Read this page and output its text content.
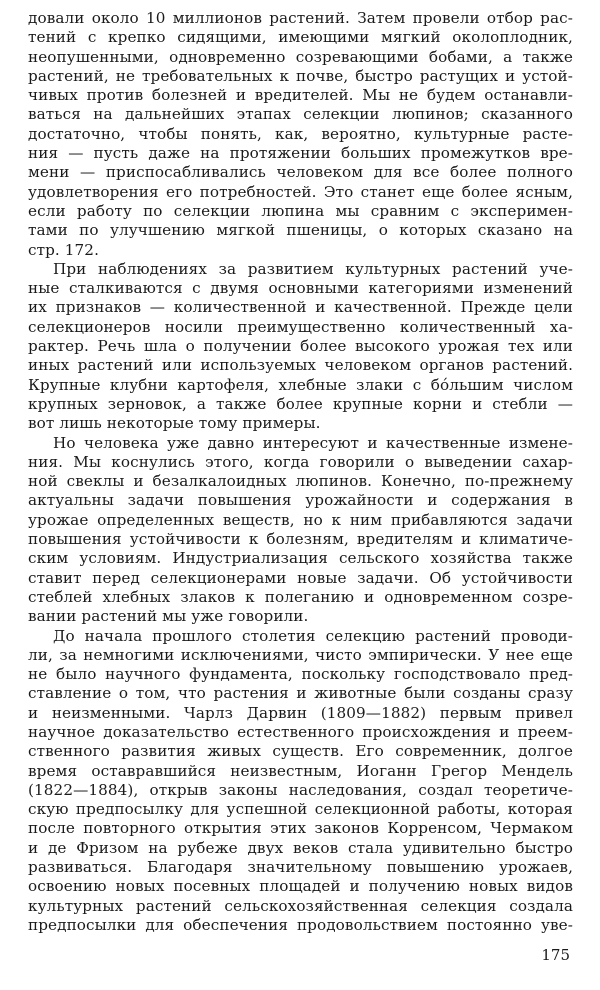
довали около 10 миллионов растений. Затем провели отбор рас-
тений с крепко сидящими, имеющими мягкий околоплодник,
неопушенными, одновременно созревающими бобами, а также
растений, не требовательных к почве, быстро растущих и устой-
чивых против болезней и вредителей. Мы не будем останавли-
ваться на дальнейших этапах селекции люпинов; сказанного
достаточно, чтобы понять, как, вероятно, культурные расте-
ния — пусть даже на протяжении больших промежутков вре-
мени — приспосабливались человеком для все более полного
удовлетворения его потребностей. Это станет еще более ясным,
если работу по селекции люпина мы сравним с эксперимен-
тами по улучшению мягкой пшеницы, о которых сказано на
стр. 172.
При наблюдениях за развитием культурных растений уче-
ные сталкиваются с двумя основными категориями изменений
их признаков — количественной и качественной. Прежде цели
селекционеров носили преимущественно количественный ха-
рактер. Речь шла о получении более высокого урожая тех или
иных растений или используемых человеком органов растений.
Крупные клубни картофеля, хлебные злаки с бóльшим числом
крупных зерновок, а также более крупные корни и стебли —
вот лишь некоторые тому примеры.
Но человека уже давно интересуют и качественные измене-
ния. Мы коснулись этого, когда говорили о выведении сахар-
ной свеклы и безалкалоидных люпинов. Конечно, по-прежнему
актуальны задачи повышения урожайности и содержания в
урожае определенных веществ, но к ним прибавляются задачи
повышения устойчивости к болезням, вредителям и климатиче-
ским условиям. Индустриализация сельского хозяйства также
ставит перед селекционерами новые задачи. Об устойчивости
стеблей хлебных злаков к полеганию и одновременном созре-
вании растений мы уже говорили.
До начала прошлого столетия селекцию растений проводи-
ли, за немногими исключениями, чисто эмпирически. У нее еще
не было научного фундамента, поскольку господствовало пред-
ставление о том, что растения и животные были созданы сразу
и неизменными. Чарлз Дарвин (1809—1882) первым привел
научное доказательство естественного происхождения и преем-
ственного развития живых существ. Его современник, долгое
время оставравшийся неизвестным, Иоганн Грегор Мендель
(1822—1884), открыв законы наследования, создал теоретиче-
скую предпосылку для успешной селекционной работы, которая
после повторного открытия этих законов Корренсом, Чермаком
и де Фризом на рубеже двух веков стала удивительно быстро
развиваться. Благодаря значительному повышению урожаев,
освоению новых посевных площадей и получению новых видов
культурных растений сельскохозяйственная селекция создала
предпосылки для обеспечения продовольствием постоянно уве-
175
